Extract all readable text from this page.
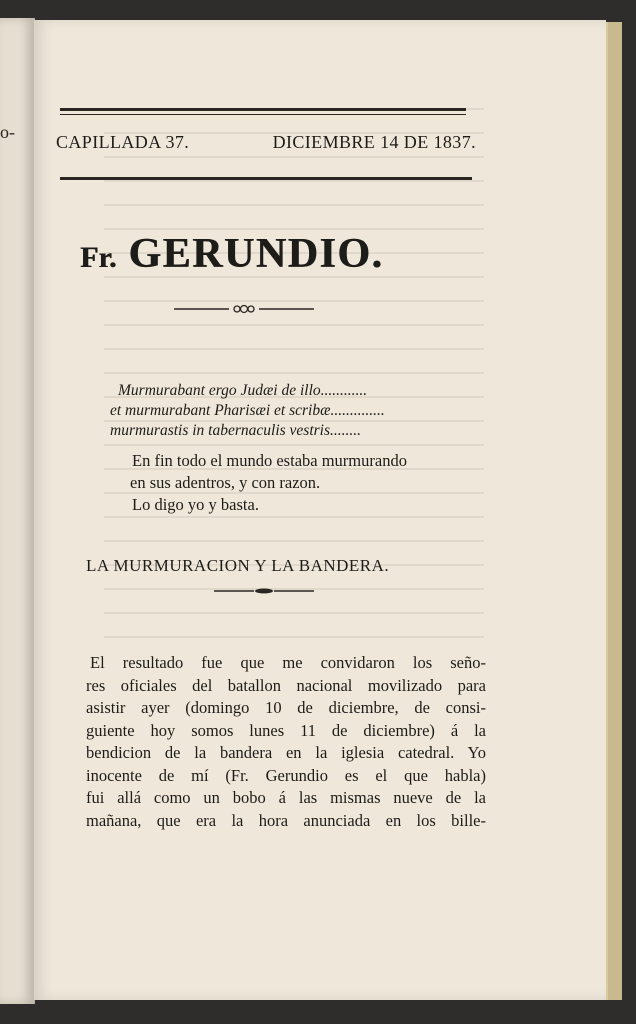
o- CAPILLADA 37.	DICIEMBRE 14 DE 1837.
Fr. GERUNDIO.
Murmurabant ergo Judæi de illo............
et murmurabant Pharisæi et scribæ..............
murmurastis in tabernaculis vestris........
En fin todo el mundo estaba murmurando
en sus adentros, y con razon.
Lo digo yo y basta.
LA MURMURACION Y LA BANDERA.
El resultado fue que me convidaron los seño-
res oficiales del batallon nacional movilizado para
asistir ayer (domingo 10 de diciembre, de consi-
guiente hoy somos lunes 11 de diciembre) á la
bendicion de la bandera en la iglesia catedral. Yo
inocente de mí (Fr. Gerundio es el que habla)
fui allá como un bobo á las mismas nueve de la
mañana, que era la hora anunciada en los bille-
